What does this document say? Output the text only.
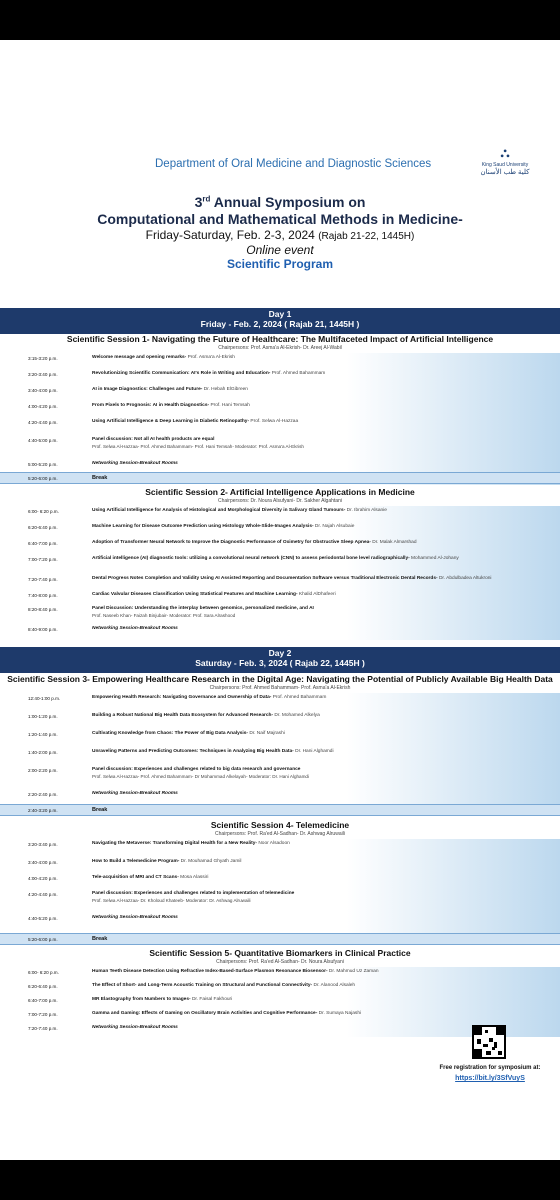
Department of Oral Medicine and Diagnostic Sciences
⛬
King Saud University
كلية طب الأسنان
3rd Annual Symposium on
Computational and Mathematical Methods in Medicine-
Friday-Saturday, Feb. 2-3, 2024 (Rajab 21-22, 1445H)
Online event
Scientific Program
Day 1
Friday - Feb. 2, 2024 ( Rajab 21, 1445H )
Scientific Session 1- Navigating the Future of Healthcare: The Multifaceted Impact of Artificial Intelligence
Chairpersons: Prof. Asma'a Al-Ekrish- Dr. Areej Al-Wabil
3:15-3:20 p.m.	Welcome message and opening remarks- Prof. Asma'a Al-Ekrish
3:20-3:40 p.m.	Revolutionizing Scientific Communication: AI's Role in Writing and Education- Prof. Ahmed Bahammam
3:40-4:00 p.m.	AI in Image Diagnostics: Challenges and Future- Dr. Hebah ElGibreen
4:00-4:20 p.m.	From Pixels to Prognosis: AI in Health Diagnostics- Prof. Hani Temsah
4:20-4:40 p.m.	Using Artificial Intelligence & Deep Learning in Diabetic Retinopathy- Prof. Selwa Al-Hazzaa
4:40-5:00 p.m.	Panel discussion: Not all AI health products are equal
Prof. Selwa Al-Hazzaa- Prof. Ahmed Bahammam- Prof. Hani Temsah- Moderator: Prof. Asma'a Al-Ekrish
5:00-5:20 p.m.	Networking Session-Breakout Rooms
5:20-6:00 p.m.	Break
Scientific Session 2- Artificial Intelligence Applications in Medicine
Chairpersons: Dr. Noura Alsufyani- Dr. Sakher Algahtani
6:00- 6:20 p.m.	Using Artificial Intelligence for Analysis of Histological and Morphological Diversity in Salivary Gland Tumours- Dr. Ibrahim Alsanie
6:20-6:40 p.m.	Machine Learning for Disease Outcome Prediction using Histology Whole-Slide-Images Analysis- Dr. Najah Alsubaie
6:40-7:00 p.m.	Adoption of Transformer Neural Network to Improve the Diagnostic Performance of Oximetry for Obstructive Sleep Apnea- Dr. Malak Almarshad
7:00-7:20 p.m.	Artificial intelligence (AI) diagnostic tools: utilizing a convolutional neural network (CNN) to assess periodontal bone level radiographically- Mohammed Al-Johany
7:20-7:40 p.m.	Dental Progress Notes Completion and Validity Using AI Assisted Reporting and Documentation Software versus Traditional Electronic Dental Records- Dr. Abdulbadea Altukroni
7:40-8:00 p.m.	Cardiac Valvular Diseases Classification Using Statistical Features and Machine Learning- Khalid AlDhafeeri
8:20-8:40 p.m.	Panel Discussion: Understanding the interplay between genomics, personalized medicine, and AI
Prof. Naseeb Khan- Faizah Binjubair- Moderator: Prof. Sara Alrashood
8:40-9:00 p.m.	Networking Session-Breakout Rooms
Day 2
Saturday - Feb. 3, 2024 ( Rajab 22, 1445H )
Scientific Session 3- Empowering Healthcare Research in the Digital Age: Navigating the Potential of Publicly Available Big Health Data
Chairpersons: Prof. Ahmed Bahammam- Prof. Asma'a Al-Ekrish
12:40-1:00 p.m.	Empowering Health Research: Navigating Governance and Ownership of Data- Prof. Ahmed Bahammam
1:00-1:20 p.m.	Building a Robust National Big Health Data Ecosystem for Advanced Research- Dr. Mohamed Alkelya
1:20-1:40 p.m.	Cultivating Knowledge from Chaos: The Power of Big Data Analysis- Dr. Naif Majrashi
1:40-2:00 p.m.	Unraveling Patterns and Predicting Outcomes: Techniques in Analyzing Big Health Data- Dr. Hani Alghamdi
2:00-2:20 p.m.	Panel discussion: Experiences and challenges related to big data research and governance
Prof. Selwa Al-Hazzaa- Prof. Ahmed Bahammam- Dr Mohammad Alkelayah- Moderator: Dr. Hani Alghamdi
2:20-2:40 p.m.	Networking Session-Breakout Rooms
2:40-3:20 p.m.	Break
Scientific Session 4- Telemedicine
Chairpersons: Prof. Ra'ed Al-Sadhan- Dr. Ashwag Alruwaili
3:20-3:40 p.m.	Navigating the Metaverse: Transforming Digital Health for a New Reality- Noor Alsadoon
3:40-4:00 p.m.	How to Build a Telemedicine Program- Dr. Mouhamad Ghyath Jamil
4:00-4:20 p.m.	Tele-acquisition of MRI and CT Scans- Mosa Alassiri
4:20-4:40 p.m.	Panel discussion: Experiences and challenges related to implementation of telemedicine
Prof. Selwa Al-Hazzaa- Dr. Kholoud Khateeb- Moderator: Dr. Ashwag Alruwaili
4:40-5:20 p.m.	Networking Session-Breakout Rooms
5:20-6:00 p.m.	Break
Scientific Session 5- Quantitative Biomarkers in Clinical Practice
Chairpersons: Prof. Ra'ed Al-Sadhan- Dr. Noura Alsufyani
6:00- 6:20 p.m.	Human Teeth Disease Detection Using Refractive Index-Based-Surface Plasmon Resonance Biosensor- Dr. Mahmud Uz Zaman
6:20-6:40 p.m.	The Effect of Short- and Long-Term Acoustic Training on Structural and Functional Connectivity- Dr. Alanood Alsaleh
6:40-7:00 p.m.	MR Elastography from Numbers to Images- Dr. Faisal Fakhouri
7:00-7:20 p.m.	Gamma and Gaming: Effects of Gaming on Oscillatory Brain Activities and Cognitive Performance- Dr. Sumaya Najashi
7:20-7:40 p.m.	Networking Session-Breakout Rooms
Free registration for symposium at:
https://bit.ly/3SfVuyS
